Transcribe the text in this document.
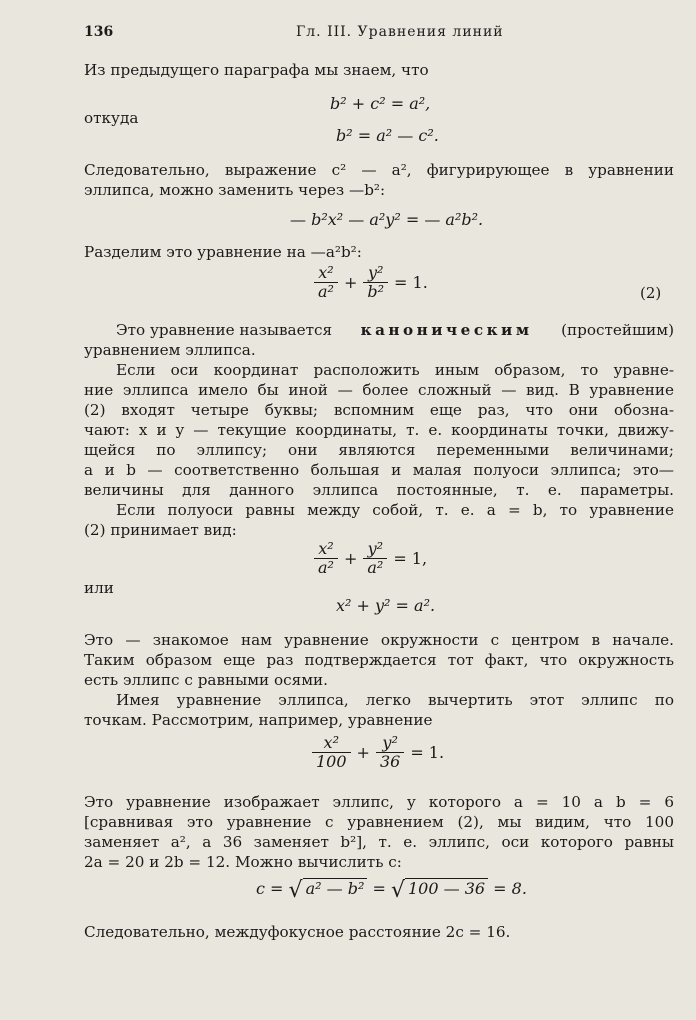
136	Гл. III. Уравнения линий
Из предыдущего параграфа мы знаем, что
b² + c² = a²,
откуда
b² = a² — c².
Следовательно, выражение c² — a², фигурирующее в уравнении
эллипса, можно заменить через —b²:
— b²x² — a²y² = — a²b².
Разделим это уравнение на —a²b²:
$\frac{\text{x²}}{\text{a²}} + \frac{\text{y²}}{\text{b²}} = 1$.
(2)
Это уравнение называется каноническим (простейшим)
уравнением эллипса.
Если оси координат расположить иным образом, то уравне-
ние эллипса имело бы иной — более сложный — вид. В уравнение
(2) входят четыре буквы; вспомним еще раз, что они обозна-
чают: x и y — текущие координаты, т. е. координаты точки, движу-
щейся по эллипсу; они являются переменными величинами;
a и b — соответственно большая и малая полуоси эллипса; это—
величины для данного эллипса постоянные, т. е. параметры.
Если полуоси равны между собой, т. е. a = b, то уравнение
(2) принимает вид:
$\frac{\text{x²}}{\text{a²}} + \frac{\text{y²}}{\text{a²}} = 1$,
или
x² + y² = a².
Это — знакомое нам уравнение окружности с центром в начале.
Таким образом еще раз подтверждается тот факт, что окружность
есть эллипс с равными осями.
Имея уравнение эллипса, легко вычертить этот эллипс по
точкам. Рассмотрим, например, уравнение
$\frac{\text{x²}}{100} + \frac{\text{y²}}{36} = 1$.
Это уравнение изображает эллипс, у которого a = 10 а b = 6
[сравнивая это уравнение с уравнением (2), мы видим, что 100
заменяет a², а 36 заменяет b²], т. е. эллипс, оси которого равны
2a = 20 и 2b = 12. Можно вычислить c:
c = √ a² — b² = √ 100 — 36 = 8.
Следовательно, междуфокусное расстояние 2c = 16.
